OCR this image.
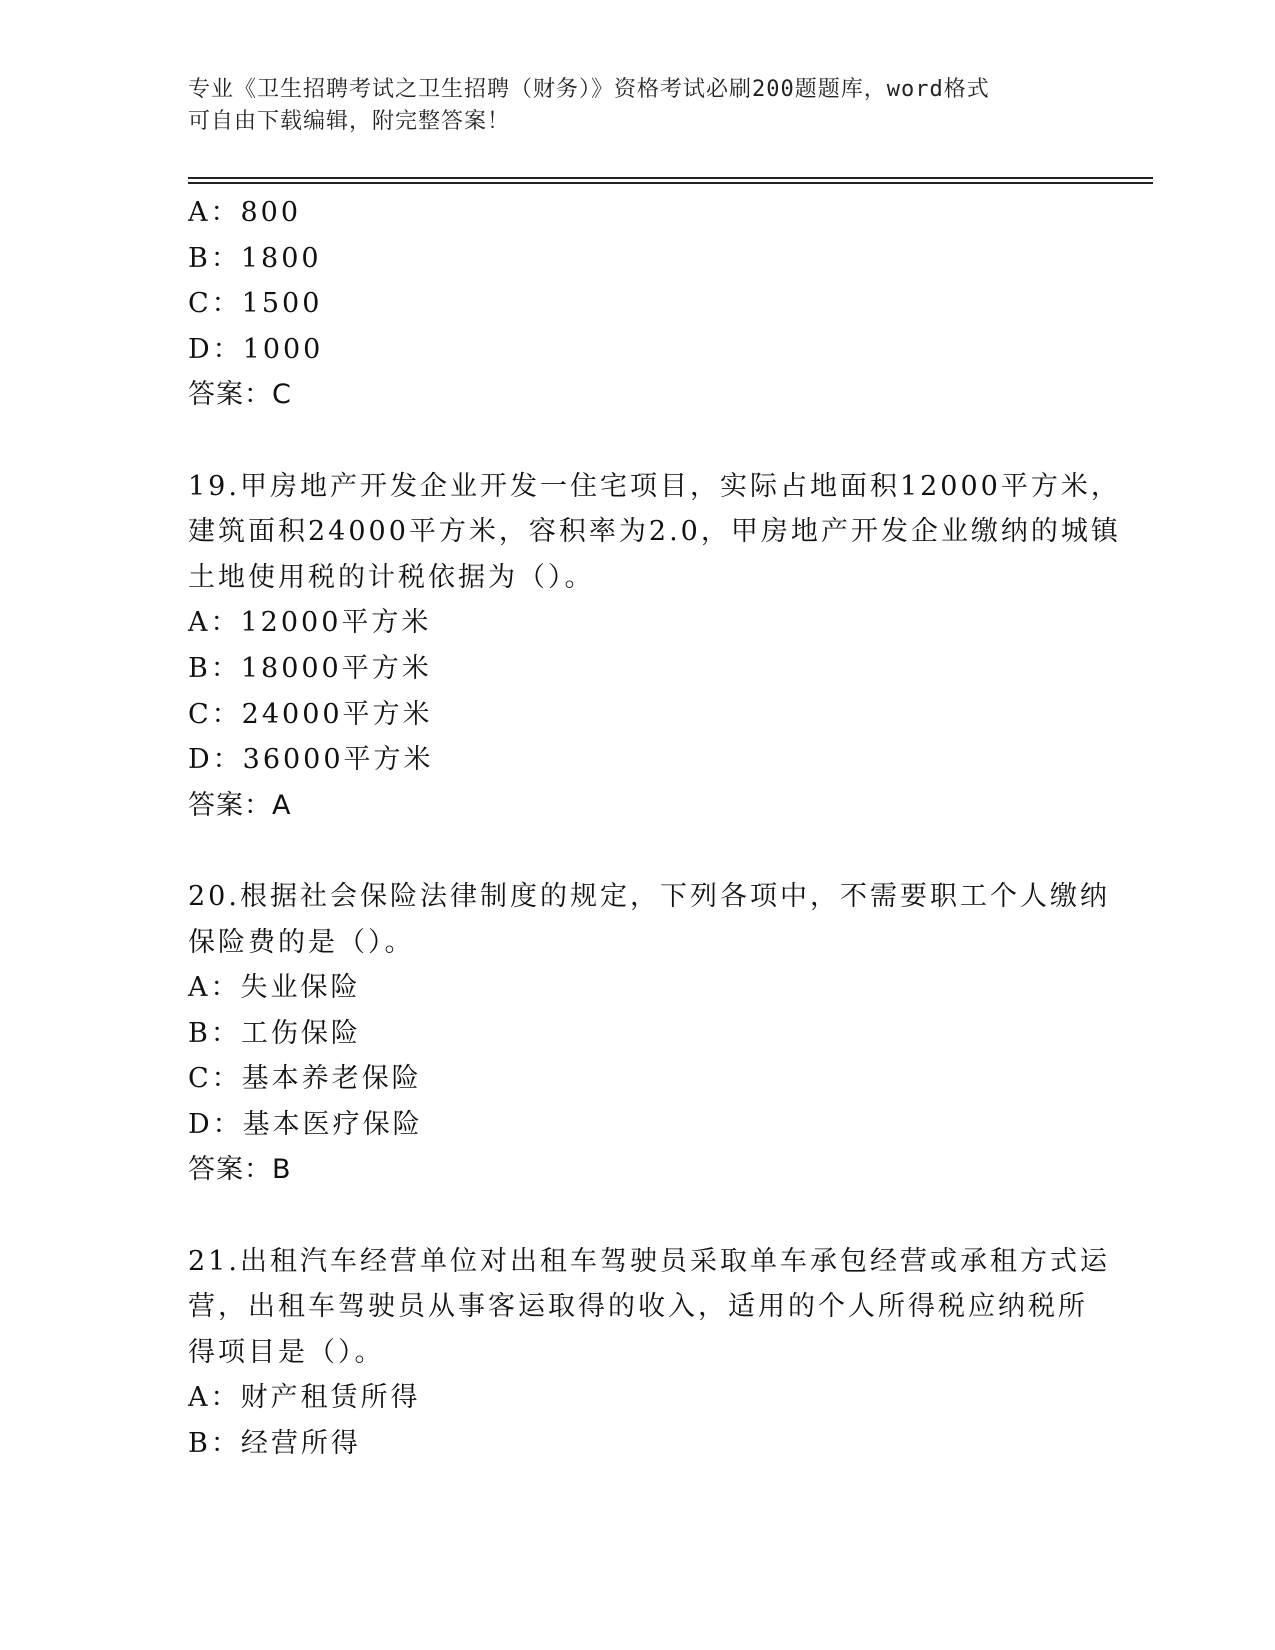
专业《卫生招聘考试之卫生招聘（财务）》资格考试必刷200题题库，word格式
可自由下载编辑，附完整答案！
A：800
B：1800
C：1500
D：1000
答案：C
19.甲房地产开发企业开发一住宅项目，实际占地面积12000平方米，
建筑面积24000平方米，容积率为2.0，甲房地产开发企业缴纳的城镇
土地使用税的计税依据为（）。
A：12000平方米
B：18000平方米
C：24000平方米
D：36000平方米
答案：A
20.根据社会保险法律制度的规定，下列各项中，不需要职工个人缴纳
保险费的是（）。
A：失业保险
B：工伤保险
C：基本养老保险
D：基本医疗保险
答案：B
21.出租汽车经营单位对出租车驾驶员采取单车承包经营或承租方式运
营，出租车驾驶员从事客运取得的收入，适用的个人所得税应纳税所
得项目是（）。
A：财产租赁所得
B：经营所得
